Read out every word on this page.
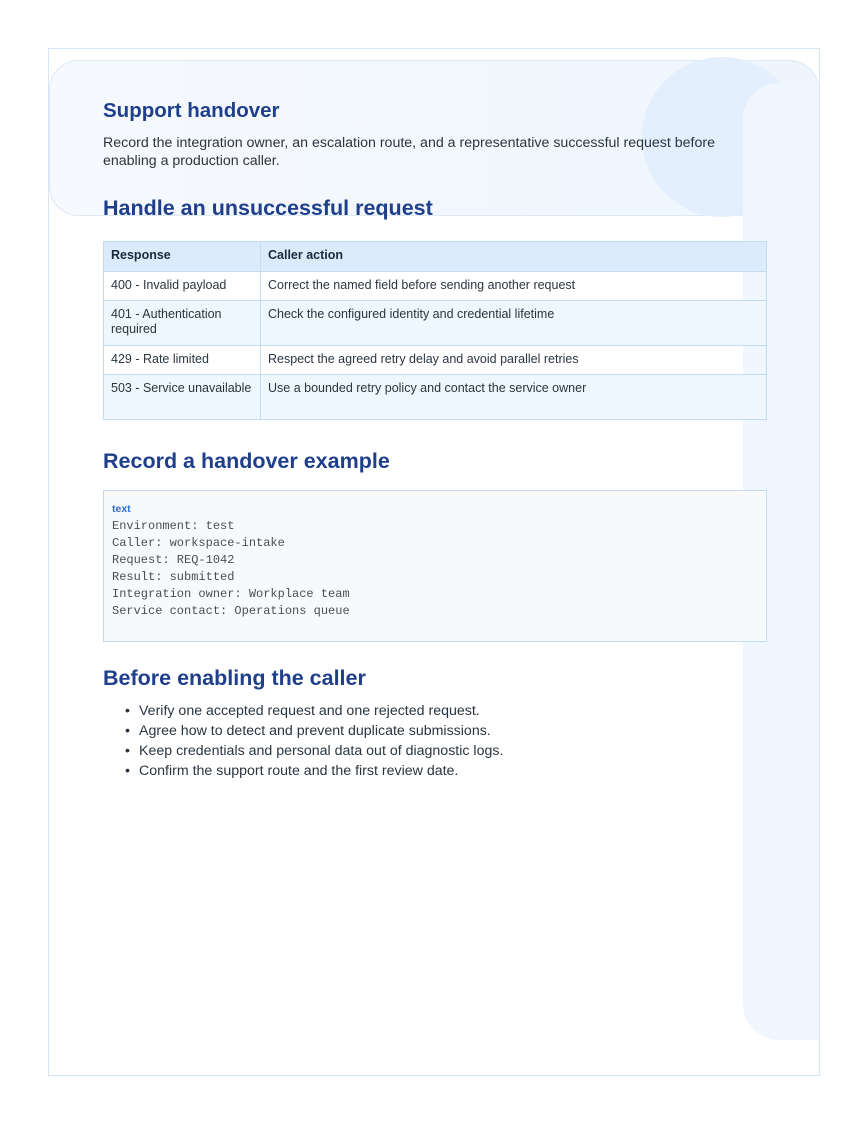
Support handover

Record the integration owner, an escalation route, and a representative successful request before enabling a production caller.

Handle an unsuccessful request
Response	Caller action
400 - Invalid payload	Correct the named field before sending another request
401 - Authentication required	Check the configured identity and credential lifetime
429 - Rate limited	Respect the agreed retry delay and avoid parallel retries
503 - Service unavailable	Use a bounded retry policy and contact the service owner
Record a handover example
text
Environment: test
Caller: workspace-intake
Request: REQ-1042
Result: submitted
Integration owner: Workplace team
Service contact: Operations queue
Before enabling the caller
• Verify one accepted request and one rejected request.
• Agree how to detect and prevent duplicate submissions.
• Keep credentials and personal data out of diagnostic logs.
• Confirm the support route and the first review date.
